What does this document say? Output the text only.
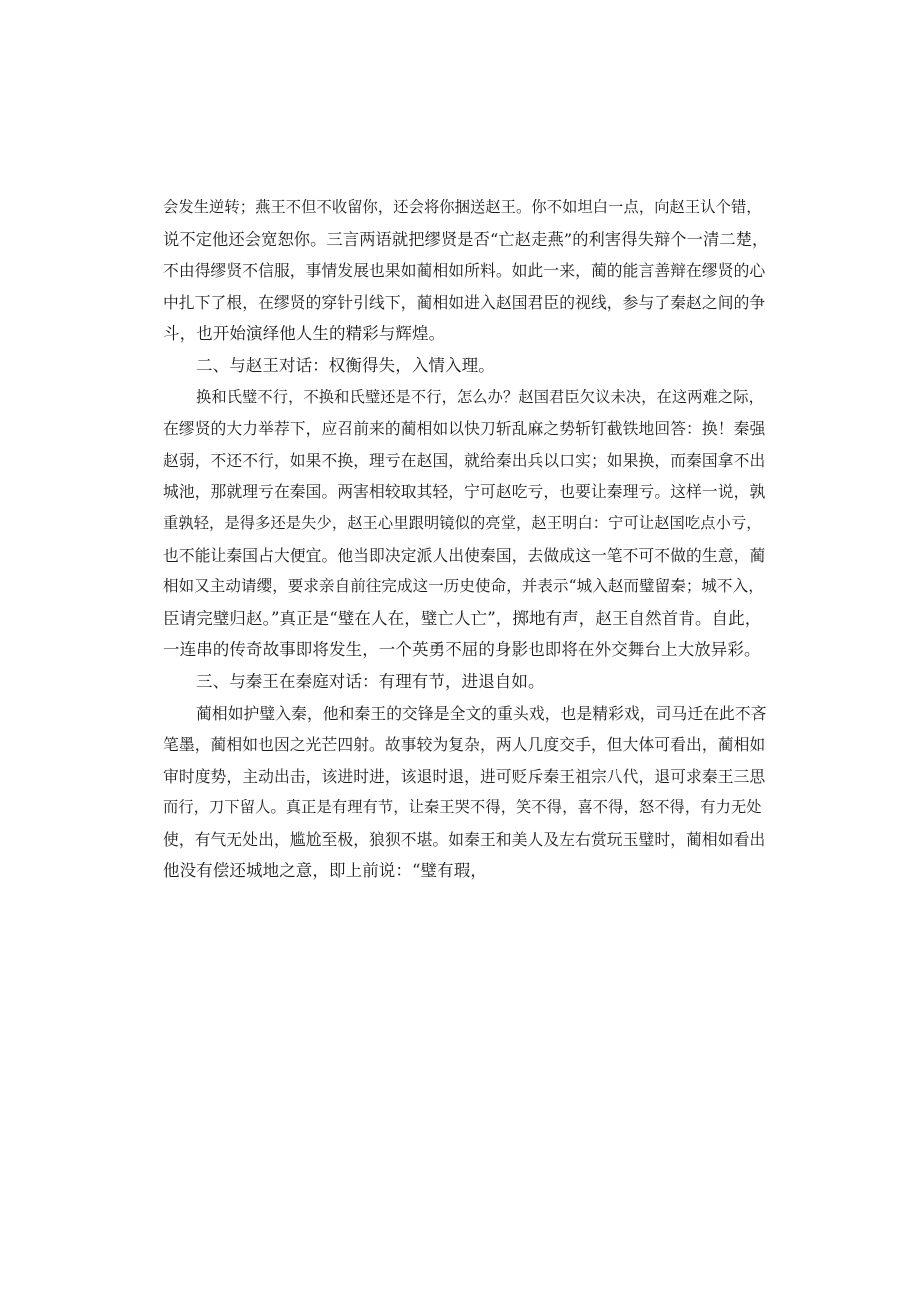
会发生逆转；燕王不但不收留你，还会将你捆送赵王。你不如坦白一点，向赵王认个错，
说不定他还会宽恕你。三言两语就把缪贤是否“亡赵走燕”的利害得失辩个一清二楚，
不由得缪贤不信服，事情发展也果如蔺相如所料。如此一来，蔺的能言善辩在缪贤的心
中扎下了根，在缪贤的穿针引线下，蔺相如进入赵国君臣的视线，参与了秦赵之间的争
斗，也开始演绎他人生的精彩与辉煌。
二、与赵王对话：权衡得失，入情入理。
换和氏璧不行，不换和氏璧还是不行，怎么办？赵国君臣欠议未决，在这两难之际，
在缪贤的大力举荐下，应召前来的蔺相如以快刀斩乱麻之势斩钉截铁地回答：换！秦强
赵弱，不还不行，如果不换，理亏在赵国，就给秦出兵以口实；如果换，而秦国拿不出
城池，那就理亏在秦国。两害相较取其轻，宁可赵吃亏，也要让秦理亏。这样一说，孰
重孰轻，是得多还是失少，赵王心里跟明镜似的亮堂，赵王明白：宁可让赵国吃点小亏，
也不能让秦国占大便宜。他当即决定派人出使秦国，去做成这一笔不可不做的生意，蔺
相如又主动请缨，要求亲自前往完成这一历史使命，并表示“城入赵而璧留秦；城不入，
臣请完璧归赵。”真正是“璧在人在，璧亡人亡”，掷地有声，赵王自然首肯。自此，
一连串的传奇故事即将发生，一个英勇不屈的身影也即将在外交舞台上大放异彩。
三、与秦王在秦庭对话：有理有节，进退自如。
蔺相如护璧入秦，他和秦王的交锋是全文的重头戏，也是精彩戏，司马迁在此不吝
笔墨，蔺相如也因之光芒四射。故事较为复杂，两人几度交手，但大体可看出，蔺相如
审时度势，主动出击，该进时进，该退时退，进可贬斥秦王祖宗八代，退可求秦王三思
而行，刀下留人。真正是有理有节，让秦王哭不得，笑不得，喜不得，怒不得，有力无处
使，有气无处出，尴尬至极，狼狈不堪。如秦王和美人及左右赏玩玉璧时，蔺相如看出
他没有偿还城地之意，即上前说：“璧有瑕，
